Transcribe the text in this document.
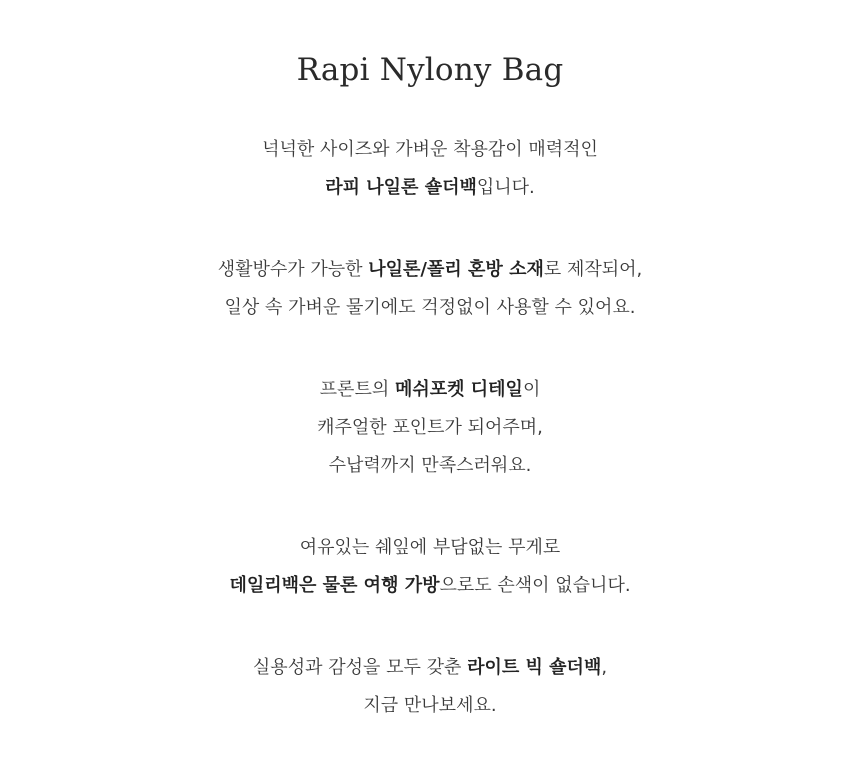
Rapi Nylony Bag
넉넉한 사이즈와 가벼운 착용감이 매력적인
라피 나일론 숄더백입니다.
생활방수가 가능한 나일론/폴리 혼방 소재로 제작되어,
일상 속 가벼운 물기에도 걱정없이 사용할 수 있어요.
프론트의 메쉬포켓 디테일이
캐주얼한 포인트가 되어주며,
수납력까지 만족스러워요.
여유있는 쉐잎에 부담없는 무게로
데일리백은 물론 여행 가방으로도 손색이 없습니다.
실용성과 감성을 모두 갖춘 라이트 빅 숄더백,
지금 만나보세요.
